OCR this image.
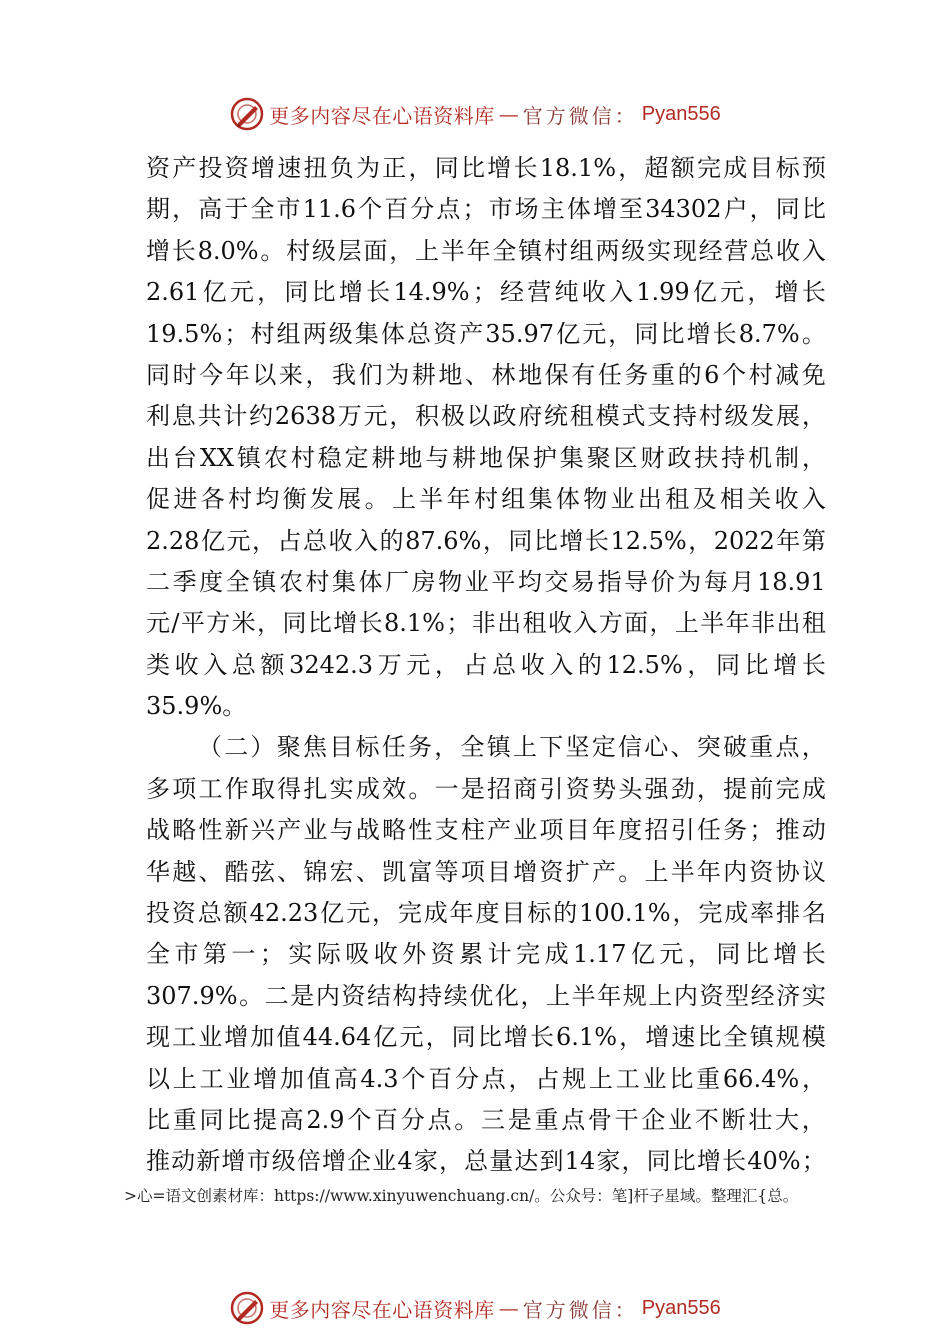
更多内容尽在心语资料库 — 官方微信： Pyan556
资 产 投 资 增 速 扭 负 为 正 ， 同 比 增 长 18.1% ， 超 额 完 成 目 标 预
期 ， 高 于 全 市 11.6 个 百 分 点 ； 市 场 主 体 增 至 34302 户 ， 同 比
增 长 8.0% 。 村 级 层 面 ， 上 半 年 全 镇 村 组 两 级 实 现 经 营 总 收 入
2.61 亿 元 ， 同 比 增 长 14.9% ； 经 营 纯 收 入 1.99 亿 元 ， 增 长
19.5% ； 村 组 两 级 集 体 总 资 产 35.97 亿 元 ， 同 比 增 长 8.7% 。
同 时 今 年 以 来 ， 我 们 为 耕 地 、 林 地 保 有 任 务 重 的 6 个 村 减 免
利 息 共 计 约 2638 万 元 ， 积 极 以 政 府 统 租 模 式 支 持 村 级 发 展 ，
出 台 XX 镇 农 村 稳 定 耕 地 与 耕 地 保 护 集 聚 区 财 政 扶 持 机 制 ，
促 进 各 村 均 衡 发 展 。 上 半 年 村 组 集 体 物 业 出 租 及 相 关 收 入
2.28 亿 元 ， 占 总 收 入 的 87.6% ， 同 比 增 长 12.5% ， 2022 年 第
二 季 度 全 镇 农 村 集 体 厂 房 物 业 平 均 交 易 指 导 价 为 每 月 18.91
元 / 平 方 米 ， 同 比 增 长 8.1% ； 非 出 租 收 入 方 面 ， 上 半 年 非 出 租
类 收 入 总 额 3242.3 万 元 ， 占 总 收 入 的 12.5% ， 同 比 增 长
35.9%。
（ 二 ） 聚 焦 目 标 任 务 ， 全 镇 上 下 坚 定 信 心 、 突 破 重 点 ，
多 项 工 作 取 得 扎 实 成 效 。 一 是 招 商 引 资 势 头 强 劲 ， 提 前 完 成
战 略 性 新 兴 产 业 与 战 略 性 支 柱 产 业 项 目 年 度 招 引 任 务 ； 推 动
华 越 、 酷 弦 、 锦 宏 、 凯 富 等 项 目 增 资 扩 产 。 上 半 年 内 资 协 议
投 资 总 额 42.23 亿 元 ， 完 成 年 度 目 标 的 100.1% ， 完 成 率 排 名
全 市 第 一 ； 实 际 吸 收 外 资 累 计 完 成 1.17 亿 元 ， 同 比 增 长
307.9% 。 二 是 内 资 结 构 持 续 优 化 ， 上 半 年 规 上 内 资 型 经 济 实
现 工 业 增 加 值 44.64 亿 元 ， 同 比 增 长 6.1% ， 增 速 比 全 镇 规 模
以 上 工 业 增 加 值 高 4.3 个 百 分 点 ， 占 规 上 工 业 比 重 66.4% ，
比 重 同 比 提 高 2.9 个 百 分 点 。 三 是 重 点 骨 干 企 业 不 断 壮 大 ，
推 动 新 增 市 级 倍 增 企 业 4 家 ， 总 量 达 到 14 家 ， 同 比 增 长 40% ；
>心=语文创素材库：https://www.xinyuwenchuang.cn/。公众号：笔]杆子星域。整理汇{总。
更多内容尽在心语资料库 — 官方微信： Pyan556
